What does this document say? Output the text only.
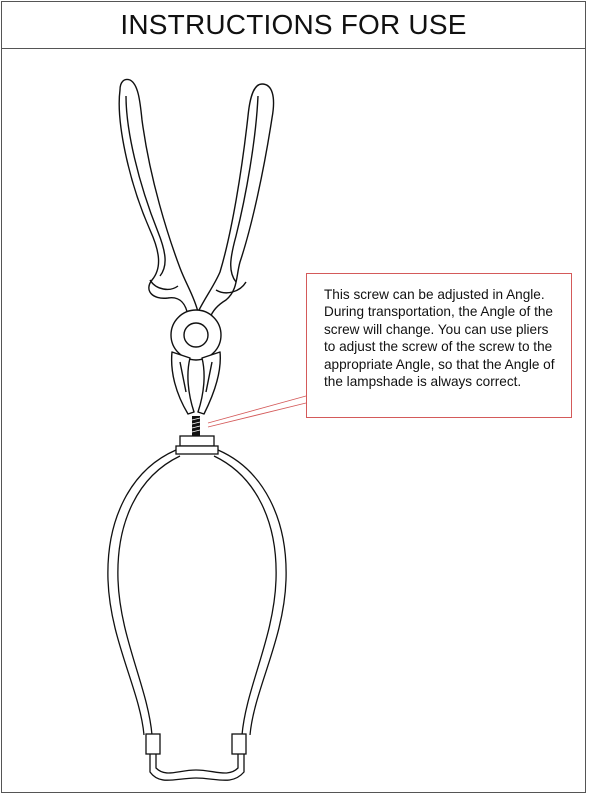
INSTRUCTIONS FOR USE
This screw can be adjusted in Angle. During transportation, the Angle of the screw will change. You can use pliers to adjust the screw of the screw to the appropriate Angle, so that the Angle of the lampshade is always correct.
